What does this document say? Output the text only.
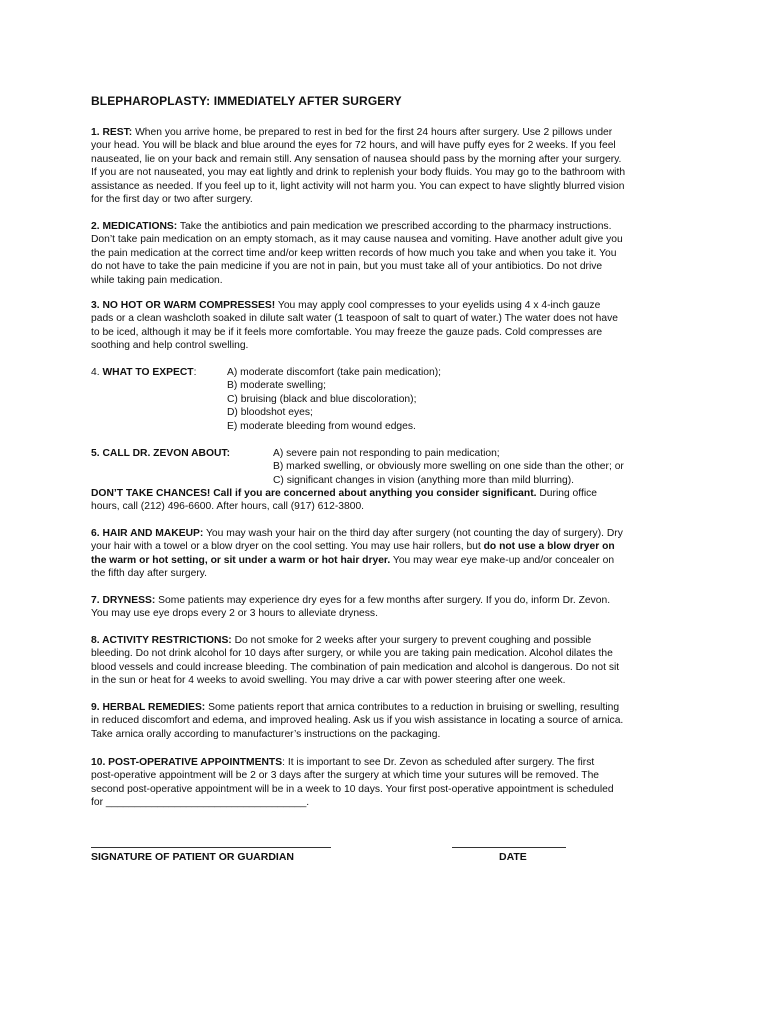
BLEPHAROPLASTY: IMMEDIATELY AFTER SURGERY

1. REST: When you arrive home, be prepared to rest in bed for the first 24 hours after surgery. Use 2 pillows under
your head. You will be black and blue around the eyes for 72 hours, and will have puffy eyes for 2 weeks. If you feel
nauseated, lie on your back and remain still. Any sensation of nausea should pass by the morning after your surgery.
If you are not nauseated, you may eat lightly and drink to replenish your body fluids. You may go to the bathroom with
assistance as needed. If you feel up to it, light activity will not harm you. You can expect to have slightly blurred vision
for the first day or two after surgery.

2. MEDICATIONS: Take the antibiotics and pain medication we prescribed according to the pharmacy instructions.
Don’t take pain medication on an empty stomach, as it may cause nausea and vomiting. Have another adult give you
the pain medication at the correct time and/or keep written records of how much you take and when you take it. You
do not have to take the pain medicine if you are not in pain, but you must take all of your antibiotics. Do not drive
while taking pain medication.

3. NO HOT OR WARM COMPRESSES! You may apply cool compresses to your eyelids using 4 x 4-inch gauze
pads or a clean washcloth soaked in dilute salt water (1 teaspoon of salt to quart of water.) The water does not have
to be iced, although it may be if it feels more comfortable. You may freeze the gauze pads. Cold compresses are
soothing and help control swelling.

4. WHAT TO EXPECT:	A) moderate discomfort (take pain medication);
B) moderate swelling;
C) bruising (black and blue discoloration);
D) bloodshot eyes;
E) moderate bleeding from wound edges.
5. CALL DR. ZEVON ABOUT:	A) severe pain not responding to pain medication;
B) marked swelling, or obviously more swelling on one side than the other; or
C) significant changes in vision (anything more than mild blurring).

DON’T TAKE CHANCES! Call if you are concerned about anything you consider significant. During office
hours, call (212) 496-6600. After hours, call (917) 612-3800.

6. HAIR AND MAKEUP: You may wash your hair on the third day after surgery (not counting the day of surgery). Dry
your hair with a towel or a blow dryer on the cool setting. You may use hair rollers, but do not use a blow dryer on
the warm or hot setting, or sit under a warm or hot hair dryer. You may wear eye make-up and/or concealer on
the fifth day after surgery.

7. DRYNESS: Some patients may experience dry eyes for a few months after surgery. If you do, inform Dr. Zevon.
You may use eye drops every 2 or 3 hours to alleviate dryness.

8. ACTIVITY RESTRICTIONS: Do not smoke for 2 weeks after your surgery to prevent coughing and possible
bleeding. Do not drink alcohol for 10 days after surgery, or while you are taking pain medication. Alcohol dilates the
blood vessels and could increase bleeding. The combination of pain medication and alcohol is dangerous. Do not sit
in the sun or heat for 4 weeks to avoid swelling. You may drive a car with power steering after one week.

9. HERBAL REMEDIES: Some patients report that arnica contributes to a reduction in bruising or swelling, resulting
in reduced discomfort and edema, and improved healing. Ask us if you wish assistance in locating a source of arnica.
Take arnica orally according to manufacturer’s instructions on the packaging.

10. POST-OPERATIVE APPOINTMENTS: It is important to see Dr. Zevon as scheduled after surgery. The first
post-operative appointment will be 2 or 3 days after the surgery at which time your sutures will be removed. The
second post-operative appointment will be in a week to 10 days. Your first post-operative appointment is scheduled
for ___________________________________.

SIGNATURE OF PATIENT OR GUARDIAN	DATE
